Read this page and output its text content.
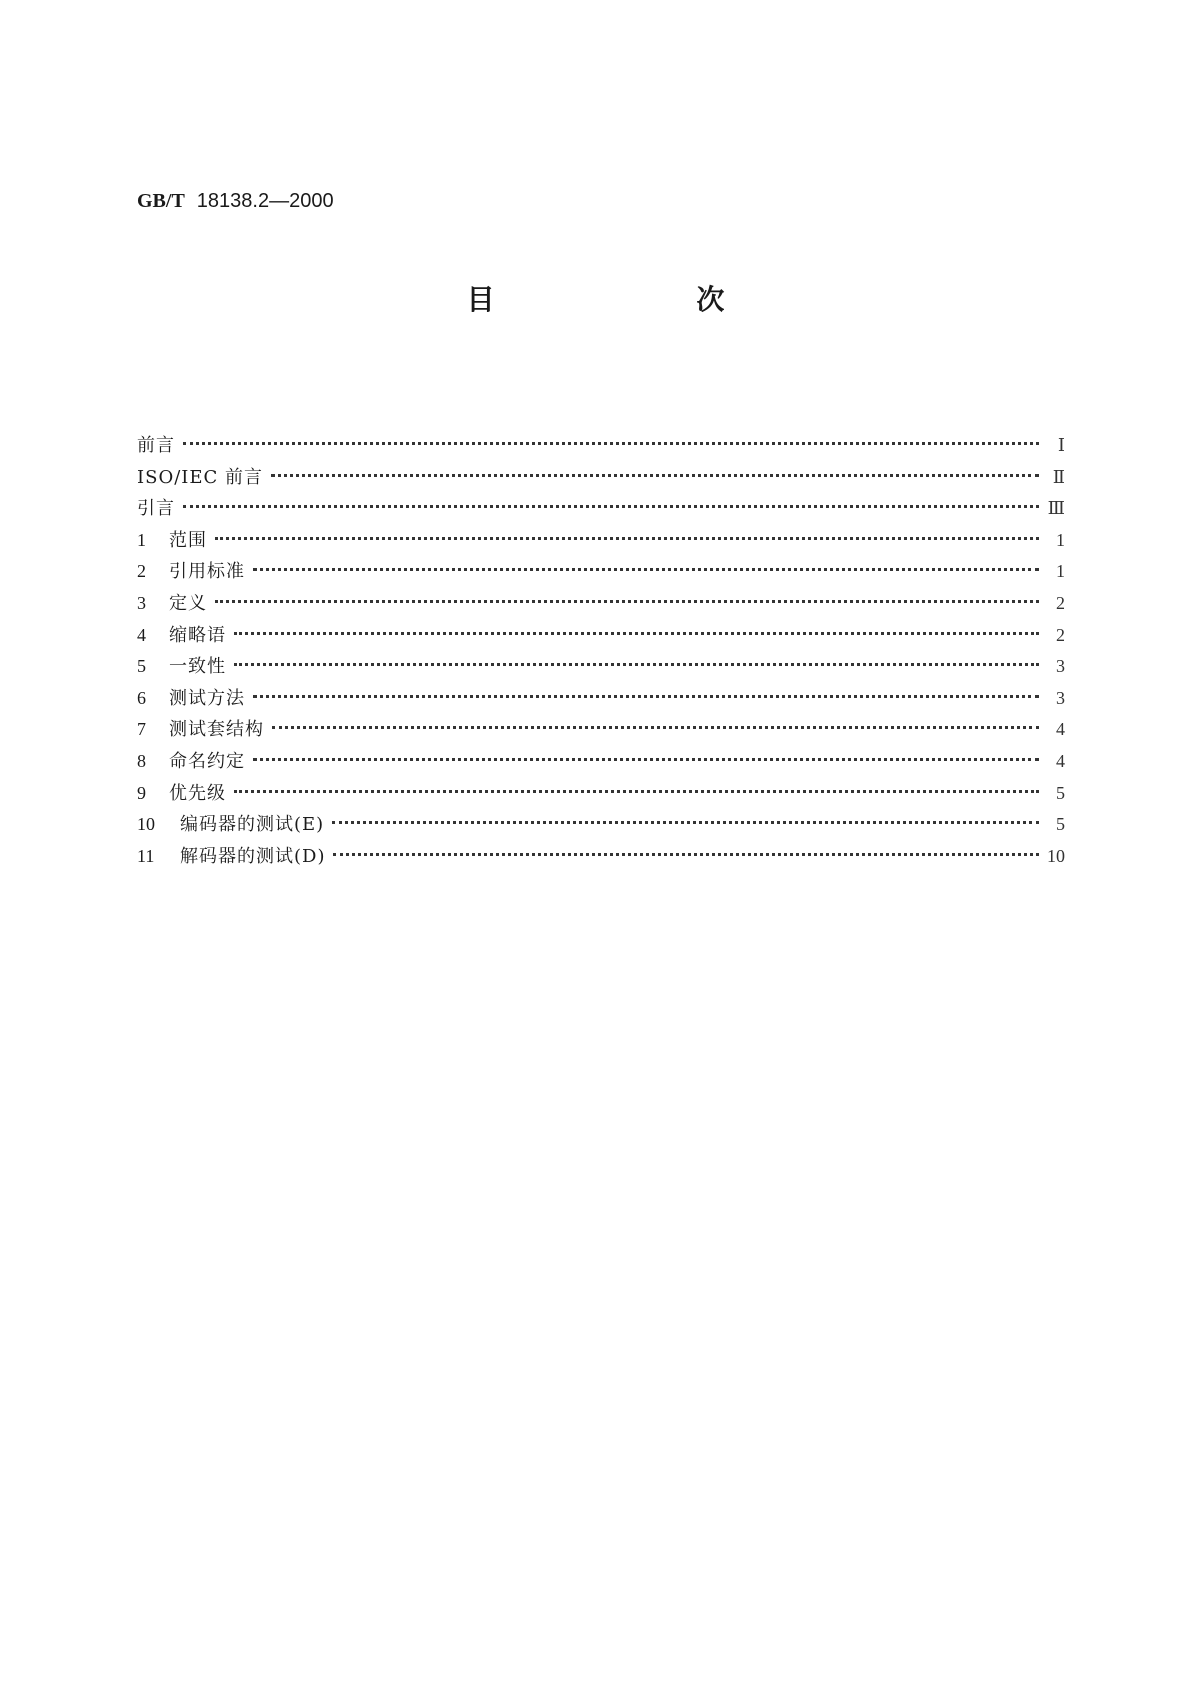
GB/T 18138.2—2000
目 次
前言	Ⅰ
ISO/IEC 前言	Ⅱ
引言	Ⅲ
1	范围	1
2	引用标准	1
3	定义	2
4	缩略语	2
5	一致性	3
6	测试方法	3
7	测试套结构	4
8	命名约定	4
9	优先级	5
10	编码器的测试(E)	5
11	解码器的测试(D)	10
